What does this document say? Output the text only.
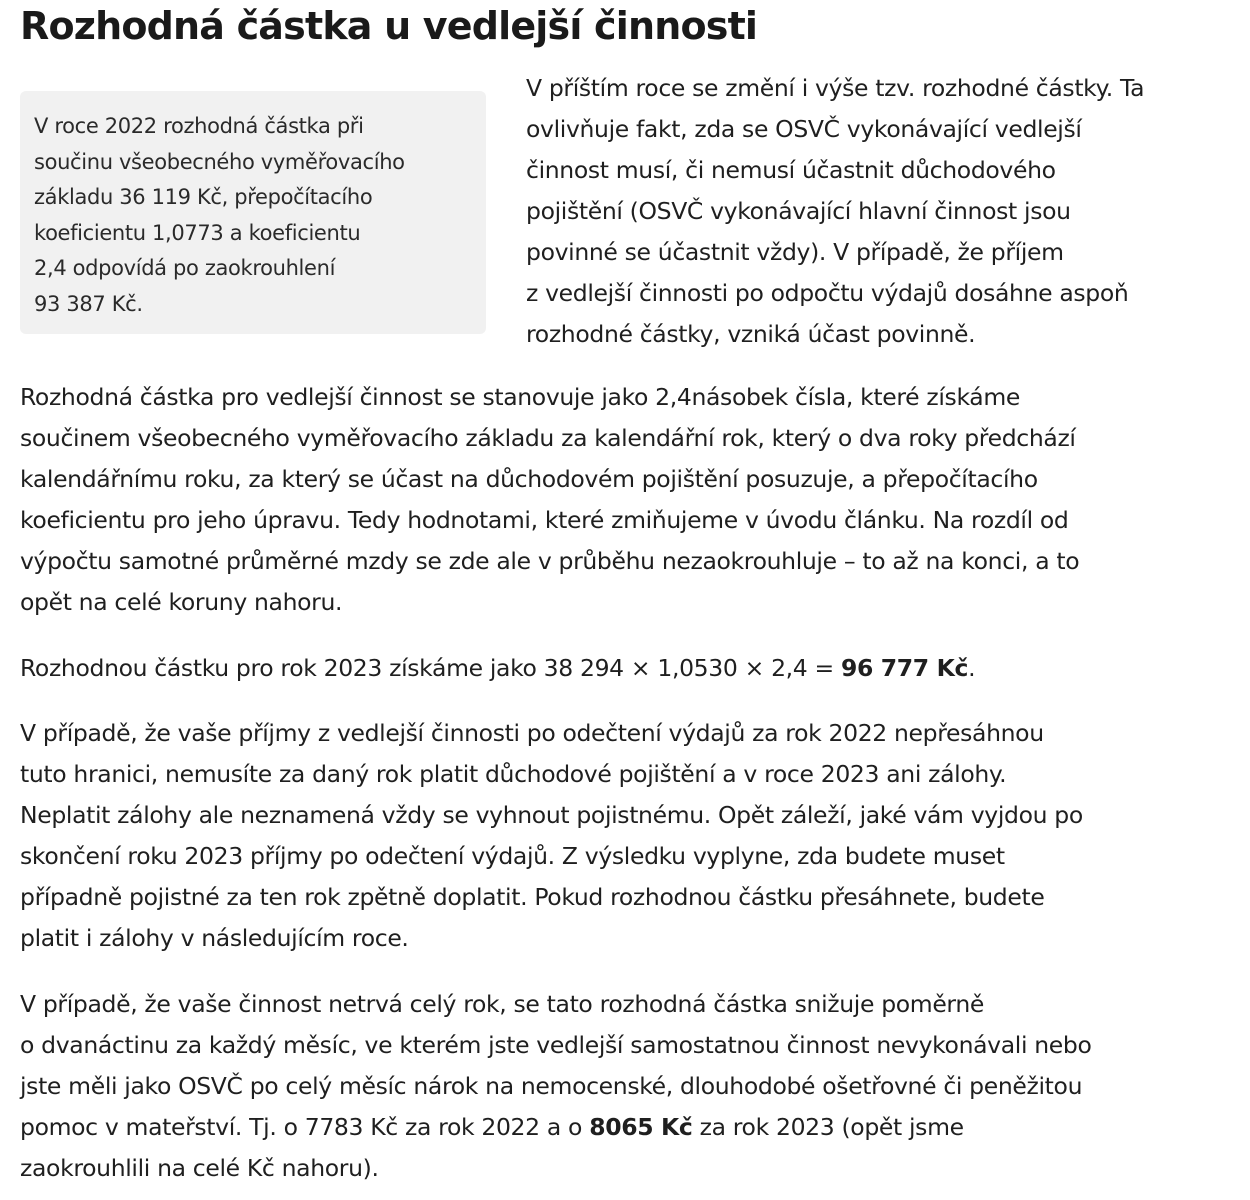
Rozhodná částka u vedlejší činnosti
V roce 2022 rozhodná částka při
součinu všeobecného vyměřovacího
základu 36 119 Kč, přepočítacího
koeficientu 1,0773 a koeficientu
2,4 odpovídá po zaokrouhlení
93 387 Kč.
V příštím roce se změní i výše tzv. rozhodné částky. Ta
ovlivňuje fakt, zda se OSVČ vykonávající vedlejší
činnost musí, či nemusí účastnit důchodového
pojištění (OSVČ vykonávající hlavní činnost jsou
povinné se účastnit vždy). V případě, že příjem
z vedlejší činnosti po odpočtu výdajů dosáhne aspoň
rozhodné částky, vzniká účast povinně.
Rozhodná částka pro vedlejší činnost se stanovuje jako 2,4násobek čísla, které získáme
součinem všeobecného vyměřovacího základu za kalendářní rok, který o dva roky předchází
kalendářnímu roku, za který se účast na důchodovém pojištění posuzuje, a přepočítacího
koeficientu pro jeho úpravu. Tedy hodnotami, které zmiňujeme v úvodu článku. Na rozdíl od
výpočtu samotné průměrné mzdy se zde ale v průběhu nezaokrouhluje – to až na konci, a to
opět na celé koruny nahoru.
Rozhodnou částku pro rok 2023 získáme jako 38 294 × 1,0530 × 2,4 = 96 777 Kč.
V případě, že vaše příjmy z vedlejší činnosti po odečtení výdajů za rok 2022 nepřesáhnou
tuto hranici, nemusíte za daný rok platit důchodové pojištění a v roce 2023 ani zálohy.
Neplatit zálohy ale neznamená vždy se vyhnout pojistnému. Opět záleží, jaké vám vyjdou po
skončení roku 2023 příjmy po odečtení výdajů. Z výsledku vyplyne, zda budete muset
případně pojistné za ten rok zpětně doplatit. Pokud rozhodnou částku přesáhnete, budete
platit i zálohy v následujícím roce.
V případě, že vaše činnost netrvá celý rok, se tato rozhodná částka snižuje poměrně
o dvanáctinu za každý měsíc, ve kterém jste vedlejší samostatnou činnost nevykonávali nebo
jste měli jako OSVČ po celý měsíc nárok na nemocenské, dlouhodobé ošetřovné či peněžitou
pomoc v mateřství. Tj. o 7783 Kč za rok 2022 a o 8065 Kč za rok 2023 (opět jsme
zaokrouhlili na celé Kč nahoru).
